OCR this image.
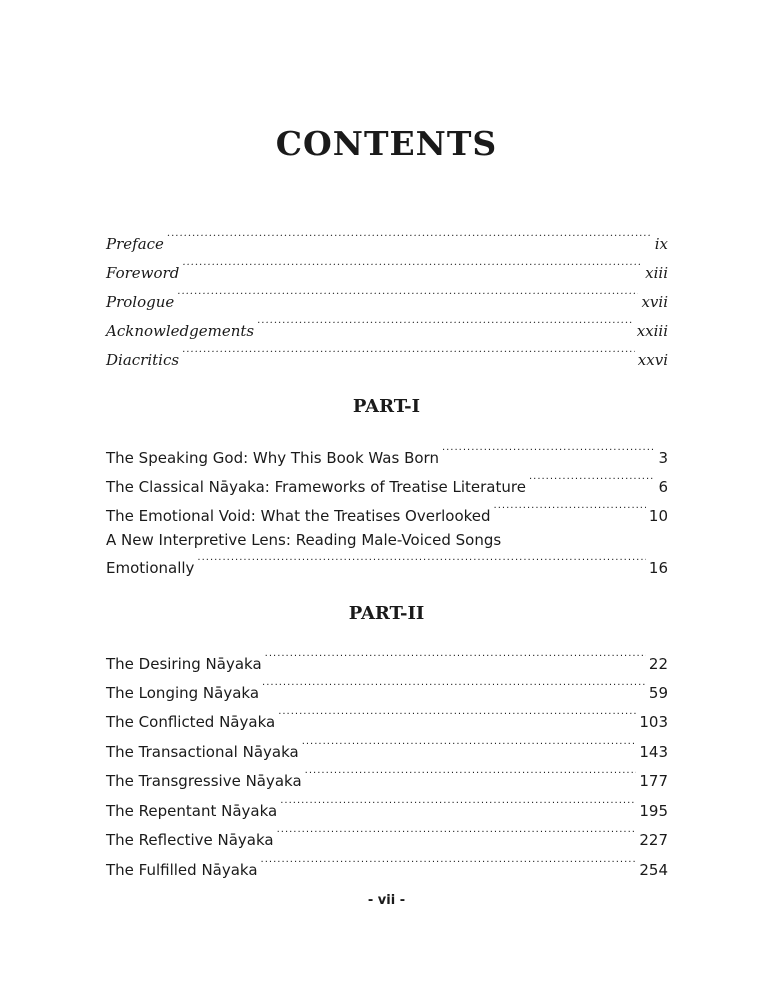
CONTENTS
Preface .....	ix
Foreword .....	xiii
Prologue .....	xvii
Acknowledgements .....	xxiii
Diacritics .....	xxvi
PART-I
The Speaking God: Why This Book Was Born .....	3
The Classical Nāyaka: Frameworks of Treatise Literature .....	6
The Emotional Void: What the Treatises Overlooked .....	10
A New Interpretive Lens: Reading Male-Voiced Songs
Emotionally .....	16
PART-II
The Desiring Nāyaka .....	22
The Longing Nāyaka .....	59
The Conflicted Nāyaka .....	103
The Transactional Nāyaka .....	143
The Transgressive Nāyaka .....	177
The Repentant Nāyaka .....	195
The Reflective Nāyaka .....	227
The Fulfilled Nāyaka .....	254
- vii -
